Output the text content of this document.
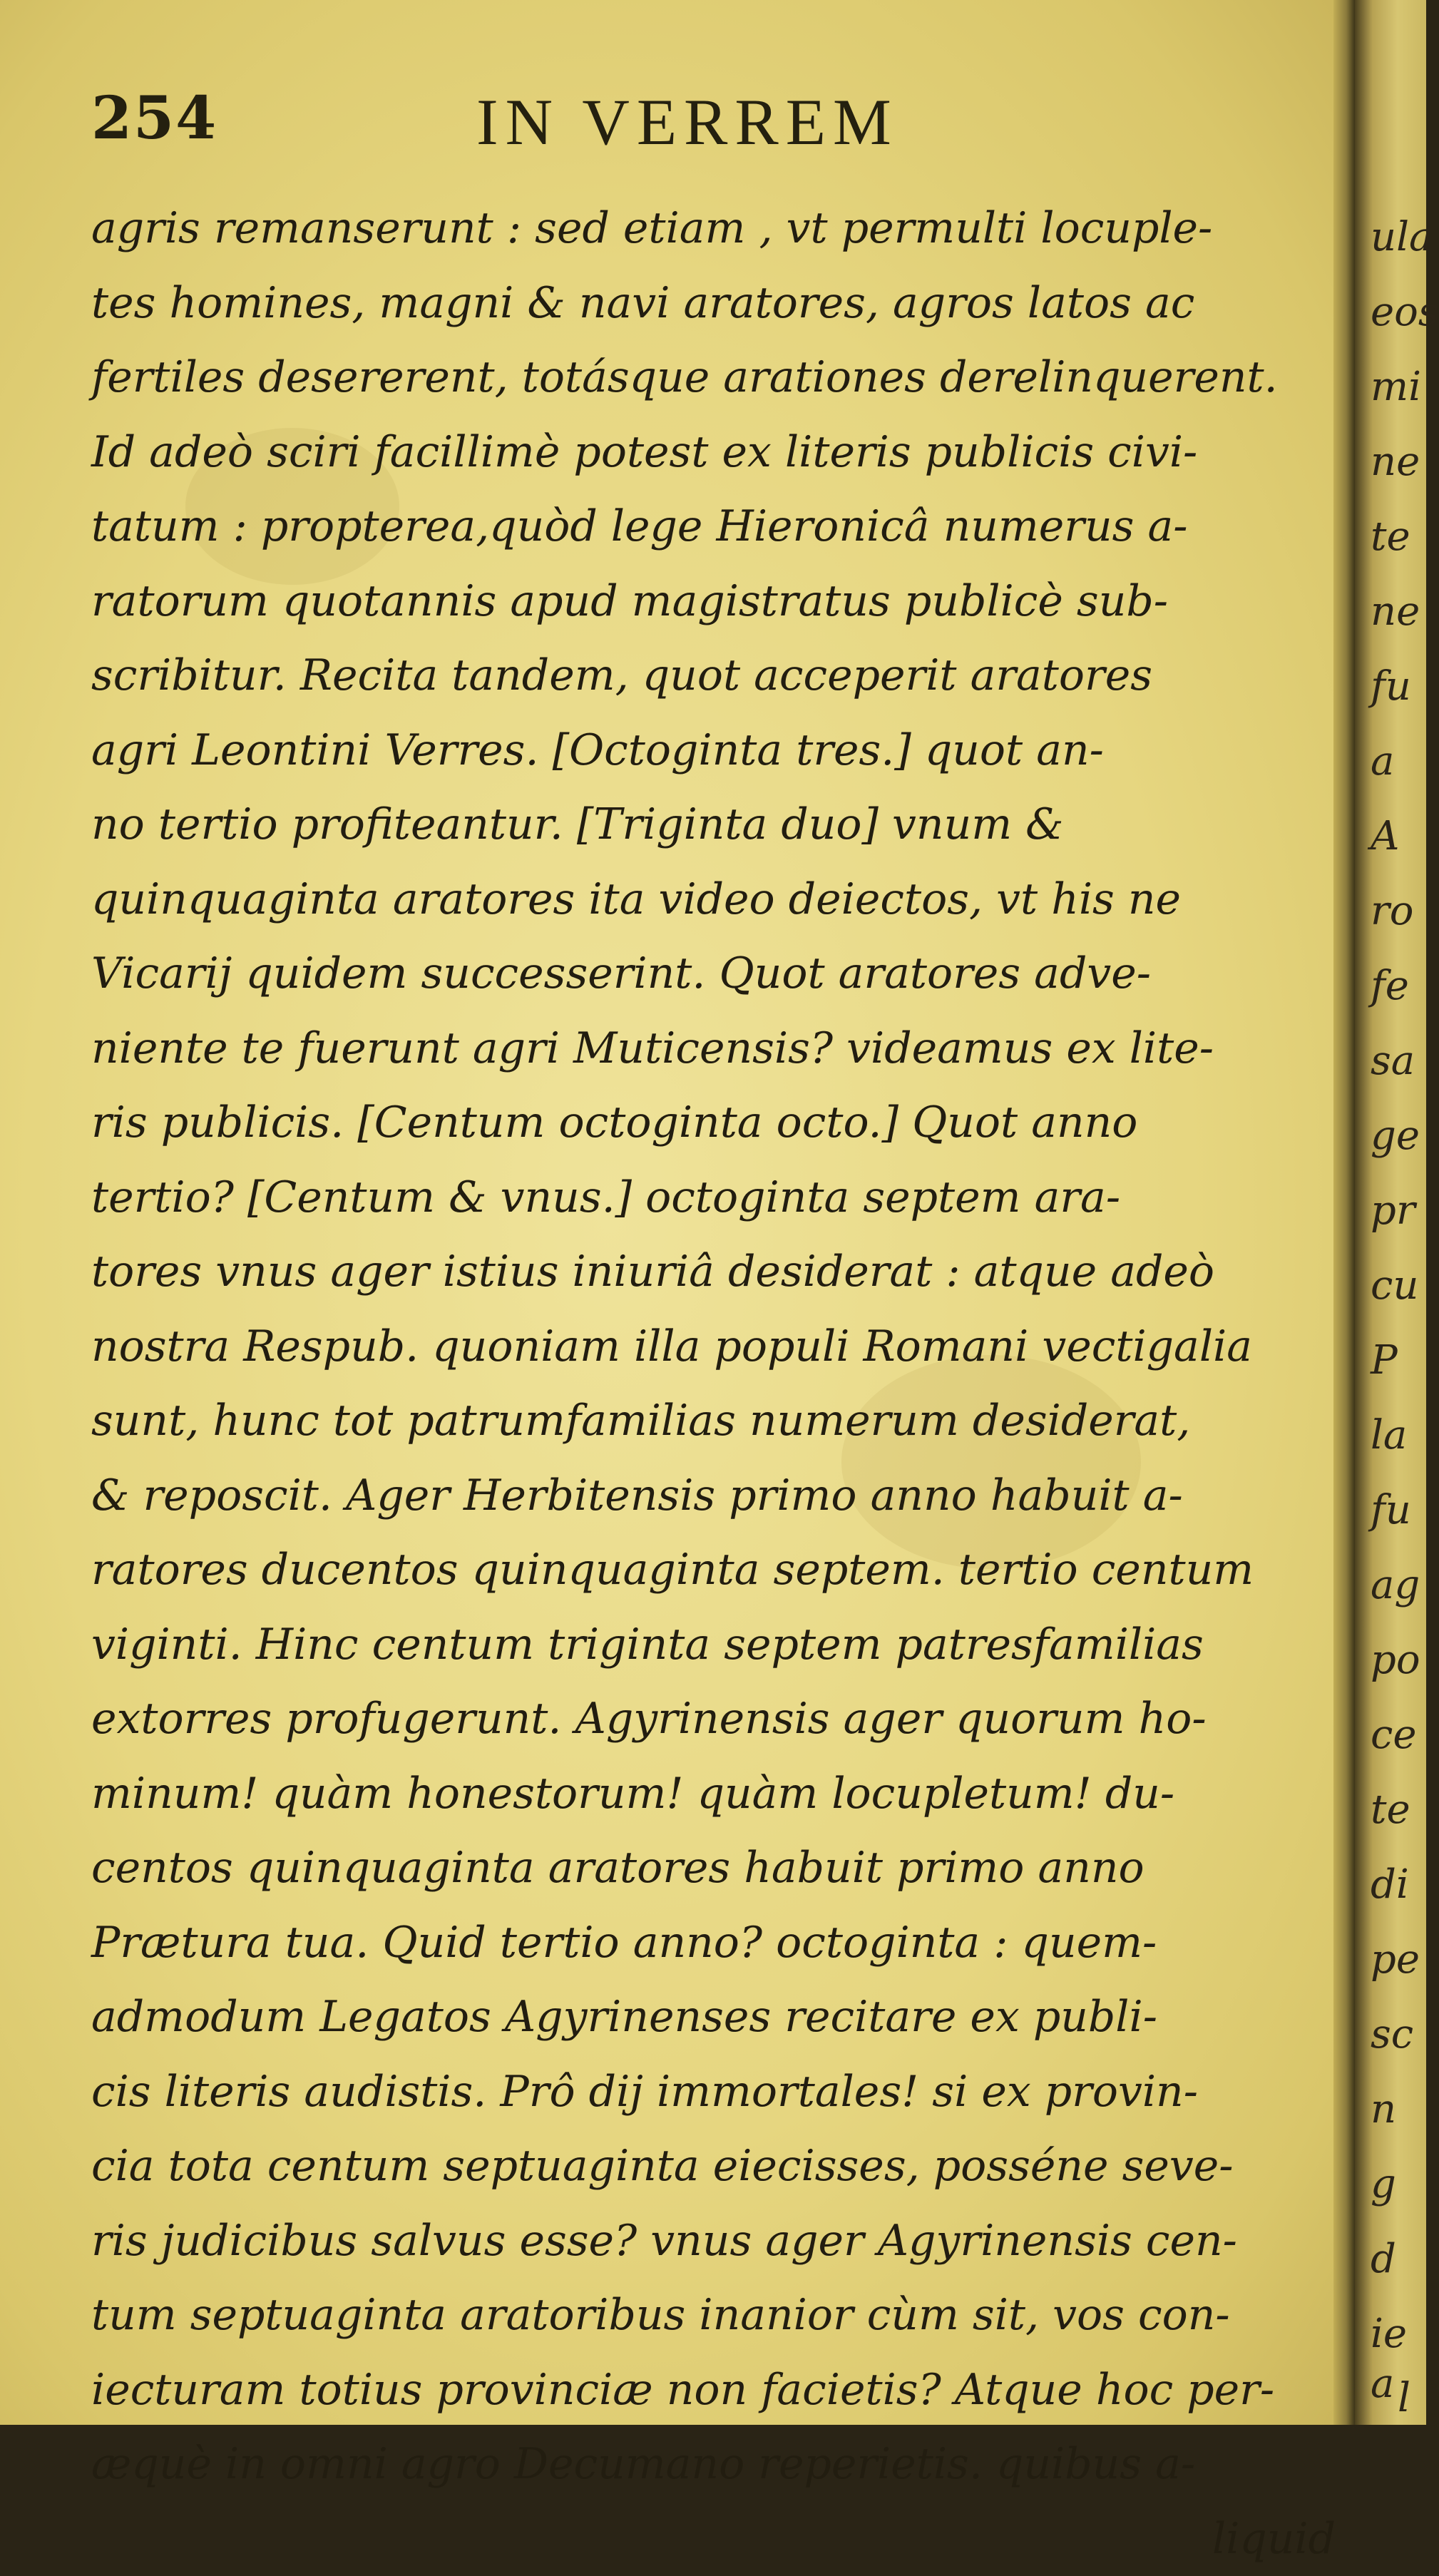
254	IN VERREM
agris remanserunt : sed etiam , vt permulti locuple-
tes homines, magni & navi aratores, agros latos ac
fertiles desererent, totásque arationes derelinquerent.
Id adeò sciri facillimè potest ex literis publicis civi-
tatum : propterea,quòd lege Hieronicâ numerus a-
ratorum quotannis apud magistratus publicè sub-
scribitur. Recita tandem, quot acceperit aratores
agri Leontini Verres. [Octoginta tres.] quot an-
no tertio profiteantur. [Triginta duo] vnum &
quinquaginta aratores ita video deiectos, vt his ne
Vicarij quidem successerint. Quot aratores adve-
niente te fuerunt agri Muticensis? videamus ex lite-
ris publicis. [Centum octoginta octo.] Quot anno
tertio? [Centum & vnus.] octoginta septem ara-
tores vnus ager istius iniuriâ desiderat : atque adeò
nostra Respub. quoniam illa populi Romani vectigalia
sunt, hunc tot patrumfamilias numerum desiderat,
& reposcit. Ager Herbitensis primo anno habuit a-
ratores ducentos quinquaginta septem. tertio centum
viginti. Hinc centum triginta septem patresfamilias
extorres profugerunt. Agyrinensis ager quorum ho-
minum! quàm honestorum! quàm locupletum! du-
centos quinquaginta aratores habuit primo anno
Prætura tua. Quid tertio anno? octoginta : quem-
admodum Legatos Agyrinenses recitare ex publi-
cis literis audistis. Prô dij immortales! si ex provin-
cia tota centum septuaginta eiecisses, posséne seve-
ris judicibus salvus esse? vnus ager Agyrinensis cen-
tum septuaginta aratoribus inanior cùm sit, vos con-
iecturam totius provinciæ non facietis? Atque hoc per-
æquè in omni agro Decumano reperietis. quibus a-
liquid
ula
eos
mi
ne
te
ne
fu
a
A
ro
fe
sa
ge
pr
cu
P
la
fu
ag
po
ce
te
di
pe
sc
n
g
d
ie
a l
